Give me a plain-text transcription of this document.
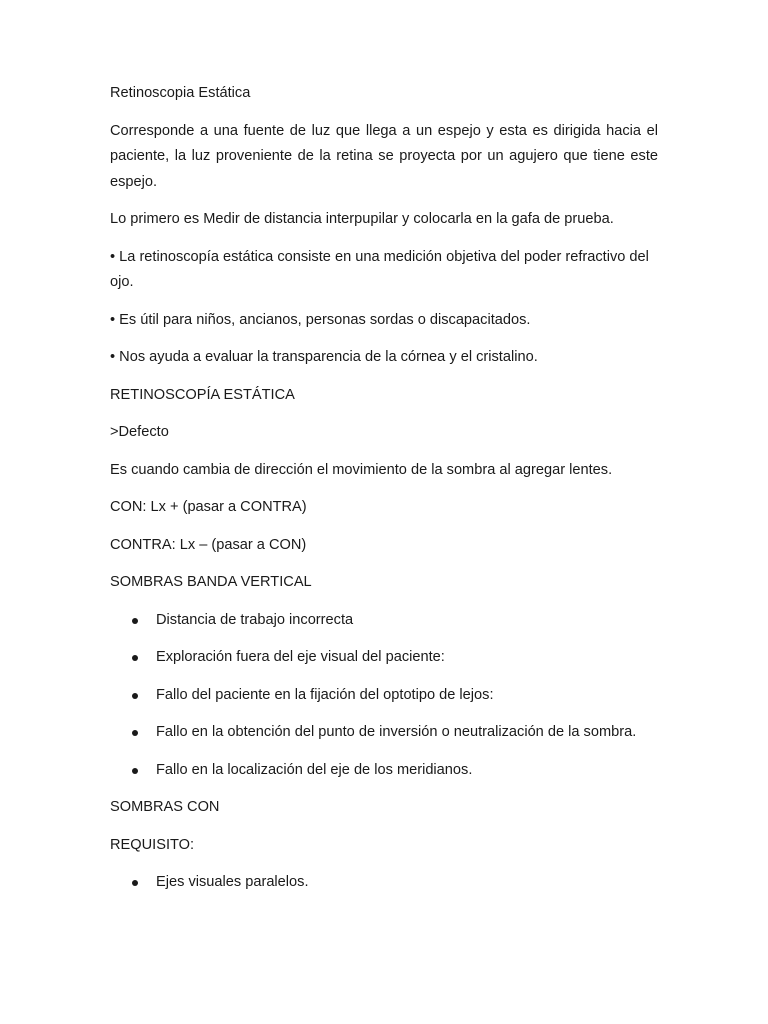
Retinoscopia Estática

Corresponde a una fuente de luz que llega a un espejo y esta es dirigida hacia el paciente, la luz proveniente de la retina se proyecta por un agujero que tiene este espejo.

Lo primero es Medir de distancia interpupilar y colocarla en la gafa de prueba.

• La retinoscopía estática consiste en una medición objetiva del poder refractivo del ojo.

• Es útil para niños, ancianos, personas sordas o discapacitados.

• Nos ayuda a evaluar la transparencia de la córnea y el cristalino.

RETINOSCOPÍA ESTÁTICA

>Defecto

Es cuando cambia de dirección el movimiento de la sombra al agregar lentes.

CON: Lx + (pasar a CONTRA)

CONTRA: Lx – (pasar a CON)

SOMBRAS BANDA VERTICAL

Distancia de trabajo incorrecta
Exploración fuera del eje visual del paciente:
Fallo del paciente en la fijación del optotipo de lejos:
Fallo en la obtención del punto de inversión o neutralización de la sombra.
Fallo en la localización del eje de los meridianos.

SOMBRAS CON

REQUISITO:

Ejes visuales paralelos.
